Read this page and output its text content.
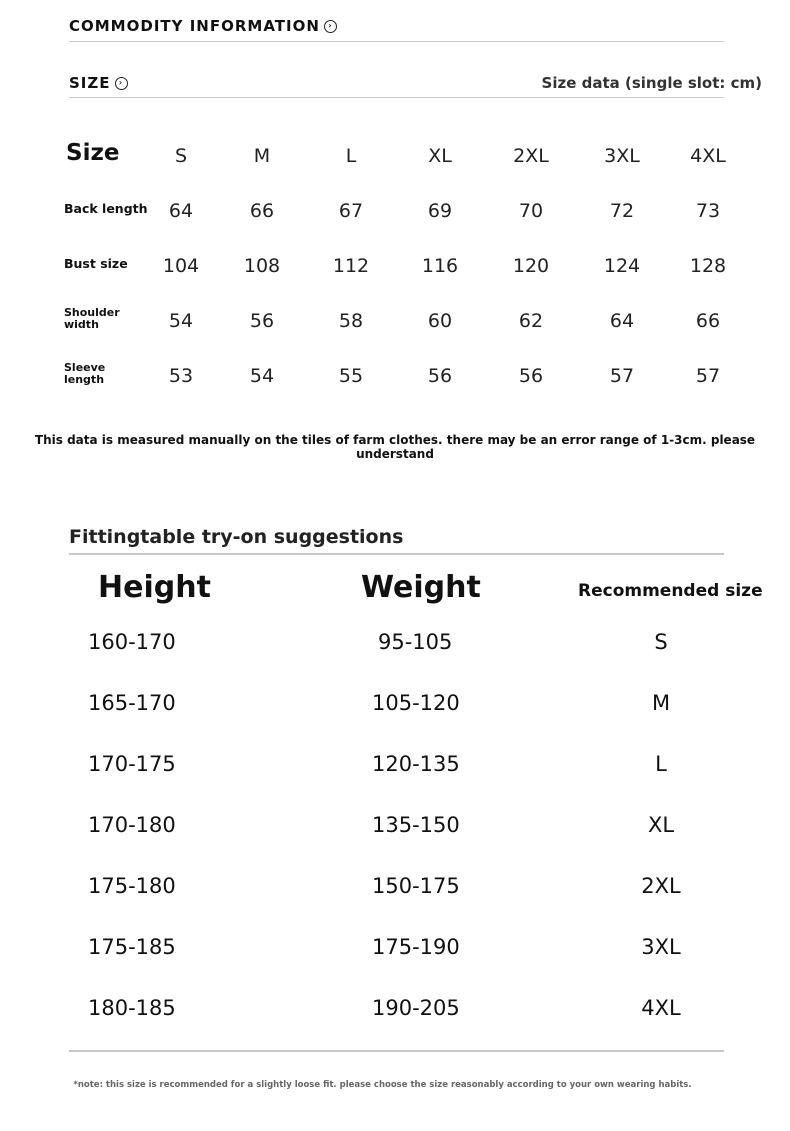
COMMODITY INFORMATION	›
SIZE	›	Size data (single slot: cm)
Size	S	M	L	XL	2XL	3XL	4XL
Back length 64	66	67	69	70	72	73
Bust size 104 108	112	116	120	124	128
Shoulder
width	54	56	58	60	62	64	66
Sleeve
length	53	54	55	56	56	57	57
This data is measured manually on the tiles of farm clothes. there may be an error range of 1-3cm. please understand
Fittingtable try-on suggestions
Height	Weight	Recommended size
160-170	95-105	S
165-170	105-120	M
170-175	120-135	L
170-180	135-150	XL
175-180	150-175	2XL
175-185	175-190	3XL
180-185	190-205	4XL
*note: this size is recommended for a slightly loose fit. please choose the size reasonably according to your own wearing habits.
